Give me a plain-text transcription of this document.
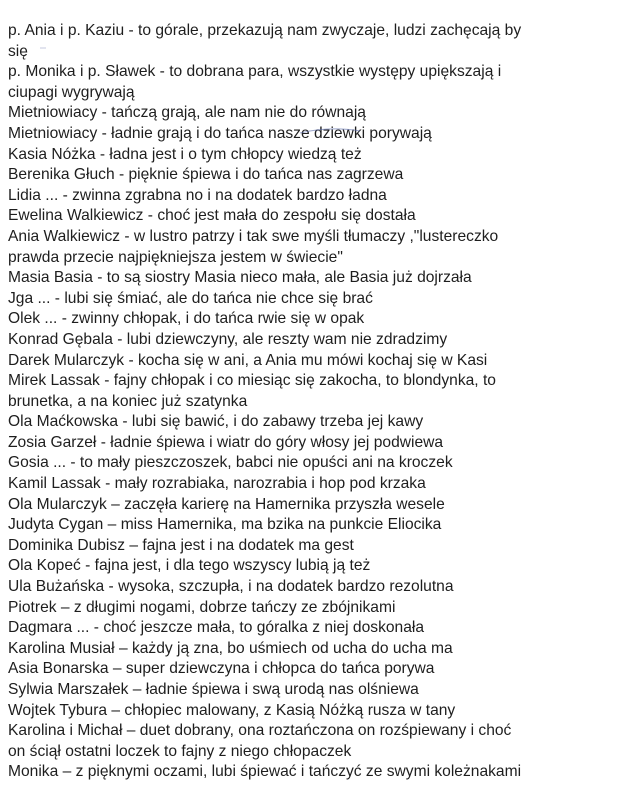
p. Ania i p. Kaziu - to górale, przekazują nam zwyczaje, ludzi zachęcają by
się
p. Monika i p. Sławek - to dobrana para, wszystkie występy upiększają i
ciupagi wygrywają
Mietniowiacy - tańczą grają, ale nam nie do równają
Mietniowiacy - ładnie grają i do tańca nasze dziewki porywają
Kasia Nóżka - ładna jest i o tym chłopcy wiedzą też
Berenika Głuch - pięknie śpiewa i do tańca nas zagrzewa
Lidia ... - zwinna zgrabna no i na dodatek bardzo ładna
Ewelina Walkiewicz - choć jest mała do zespołu się dostała
Ania Walkiewicz - w lustro patrzy i tak swe myśli tłumaczy ,"lustereczko
prawda przecie najpiękniejsza jestem w świecie"
Masia Basia - to są siostry Masia nieco mała, ale Basia już dojrzała
Jga ... - lubi się śmiać, ale do tańca nie chce się brać
Olek ... - zwinny chłopak, i do tańca rwie się w opak
Konrad Gębala - lubi dziewczyny, ale reszty wam nie zdradzimy
Darek Mularczyk - kocha się w ani, a Ania mu mówi kochaj się w Kasi
Mirek Lassak - fajny chłopak i co miesiąc się zakocha, to blondynka, to
brunetka, a na koniec już szatynka
Ola Maćkowska - lubi się bawić, i do zabawy trzeba jej kawy
Zosia Garzeł - ładnie śpiewa i wiatr do góry włosy jej podwiewa
Gosia ... - to mały pieszczoszek, babci nie opuści ani na kroczek
Kamil Lassak - mały rozrabiaka, narozrabia i hop pod krzaka
Ola Mularczyk – zaczęła karierę na Hamernika przyszła wesele
Judyta Cygan – miss Hamernika, ma bzika na punkcie Eliocika
Dominika Dubisz – fajna jest i na dodatek ma gest
Ola Kopeć - fajna jest, i dla tego wszyscy lubią ją też
Ula Bużańska - wysoka, szczupła, i na dodatek bardzo rezolutna
Piotrek – z długimi nogami, dobrze tańczy ze zbójnikami
Dagmara ... - choć jeszcze mała, to góralka z niej doskonała
Karolina Musiał – każdy ją zna, bo uśmiech od ucha do ucha ma
Asia Bonarska – super dziewczyna i chłopca do tańca porywa
Sylwia Marszałek – ładnie śpiewa i swą urodą nas olśniewa
Wojtek Tybura – chłopiec malowany, z Kasią Nóżką rusza w tany
Karolina i Michał – duet dobrany, ona roztańczona on rozśpiewany i choć
on ściął ostatni loczek to fajny z niego chłopaczek
Monika – z pięknymi oczami, lubi śpiewać i tańczyć ze swymi koleżnakami
